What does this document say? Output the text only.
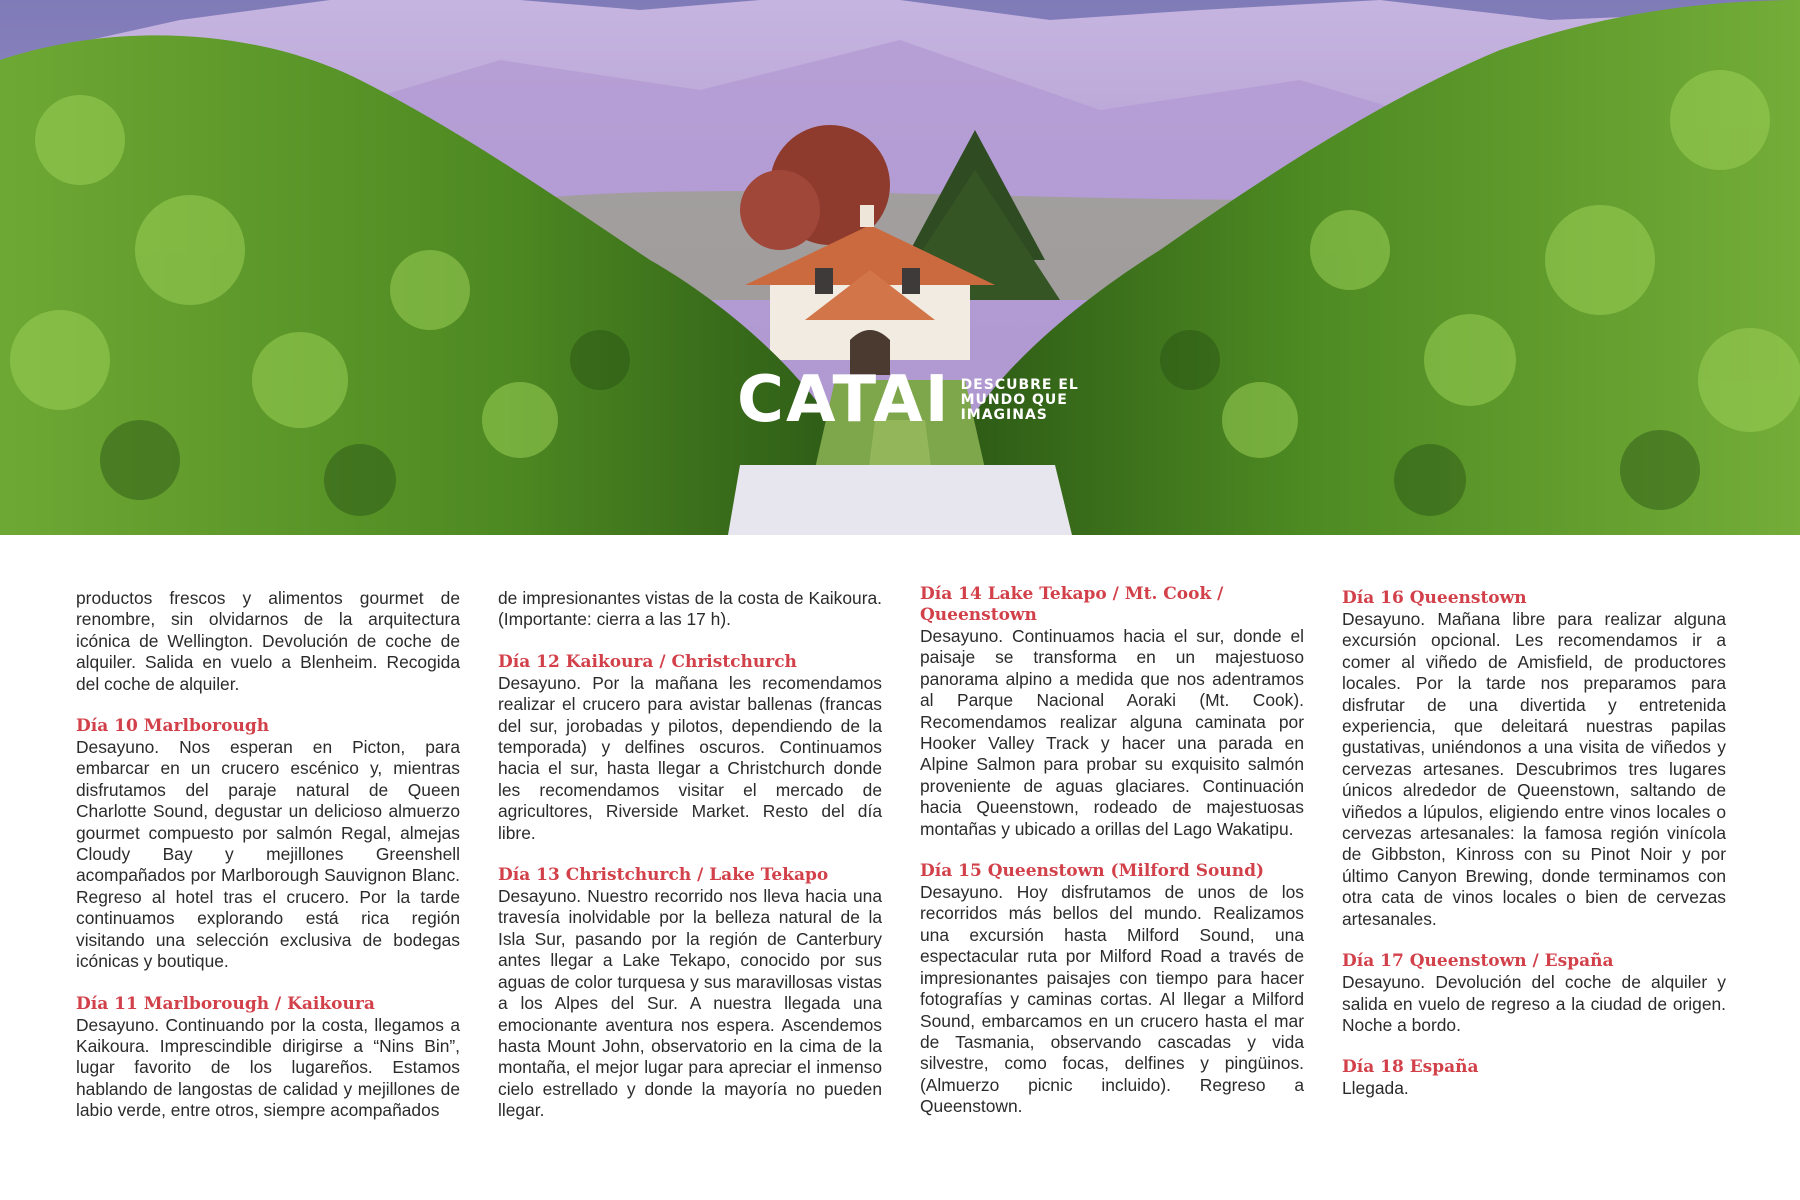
CATAI DESCUBRE EL
MUNDO QUE
IMAGINAS

productos frescos y alimentos gourmet de renombre, sin olvidarnos de la arquitectura icónica de Wellington. Devolución de coche de alquiler. Salida en vuelo a Blenheim. Recogida del coche de alquiler.

Día 10 Marlborough

Desayuno. Nos esperan en Picton, para embarcar en un crucero escénico y, mientras disfrutamos del paraje natural de Queen Charlotte Sound, degustar un delicioso almuerzo gourmet compuesto por salmón Regal, almejas Cloudy Bay y mejillones Greenshell acompañados por Marlborough Sauvignon Blanc. Regreso al hotel tras el crucero. Por la tarde continuamos explorando está rica región visitando una selección exclusiva de bodegas icónicas y boutique.

Día 11 Marlborough / Kaikoura

Desayuno. Continuando por la costa, llegamos a Kaikoura. Imprescindible dirigirse a “Nins Bin”, lugar favorito de los lugareños. Estamos hablando de langostas de calidad y mejillones de labio verde, entre otros, siempre acompañados

de impresionantes vistas de la costa de Kaikoura. (Importante: cierra a las 17 h).

Día 12 Kaikoura / Christchurch

Desayuno. Por la mañana les recomendamos realizar el crucero para avistar ballenas (francas del sur, jorobadas y pilotos, dependiendo de la temporada) y delfines oscuros. Continuamos hacia el sur, hasta llegar a Christchurch donde les recomendamos visitar el mercado de agricultores, Riverside Market. Resto del día libre.

Día 13 Christchurch / Lake Tekapo

Desayuno. Nuestro recorrido nos lleva hacia una travesía inolvidable por la belleza natural de la Isla Sur, pasando por la región de Canterbury antes llegar a Lake Tekapo, conocido por sus aguas de color turquesa y sus maravillosas vistas a los Alpes del Sur. A nuestra llegada una emocionante aventura nos espera. Ascendemos hasta Mount John, observatorio en la cima de la montaña, el mejor lugar para apreciar el inmenso cielo estrellado y donde la mayoría no pueden llegar.

Día 14 Lake Tekapo / Mt. Cook / Queenstown

Desayuno. Continuamos hacia el sur, donde el paisaje se transforma en un majestuoso panorama alpino a medida que nos adentramos al Parque Nacional Aoraki (Mt. Cook). Recomendamos realizar alguna caminata por Hooker Valley Track y hacer una parada en Alpine Salmon para probar su exquisito salmón proveniente de aguas glaciares. Continuación hacia Queenstown, rodeado de majestuosas montañas y ubicado a orillas del Lago Wakatipu.

Día 15 Queenstown (Milford Sound)

Desayuno. Hoy disfrutamos de unos de los recorridos más bellos del mundo. Realizamos una excursión hasta Milford Sound, una espectacular ruta por Milford Road a través de impresionantes paisajes con tiempo para hacer fotografías y caminas cortas. Al llegar a Milford Sound, embarcamos en un crucero hasta el mar de Tasmania, observando cascadas y vida silvestre, como focas, delfines y pingüinos. (Almuerzo picnic incluido). Regreso a Queenstown.

Día 16 Queenstown

Desayuno. Mañana libre para realizar alguna excursión opcional. Les recomendamos ir a comer al viñedo de Amisfield, de productores locales. Por la tarde nos preparamos para disfrutar de una divertida y entretenida experiencia, que deleitará nuestras papilas gustativas, uniéndonos a una visita de viñedos y cervezas artesanes. Descubrimos tres lugares únicos alrededor de Queenstown, saltando de viñedos a lúpulos, eligiendo entre vinos locales o cervezas artesanales: la famosa región vinícola de Gibbston, Kinross con su Pinot Noir y por último Canyon Brewing, donde terminamos con otra cata de vinos locales o bien de cervezas artesanales.

Día 17 Queenstown / España

Desayuno. Devolución del coche de alquiler y salida en vuelo de regreso a la ciudad de origen. Noche a bordo.

Día 18 España

Llegada.
